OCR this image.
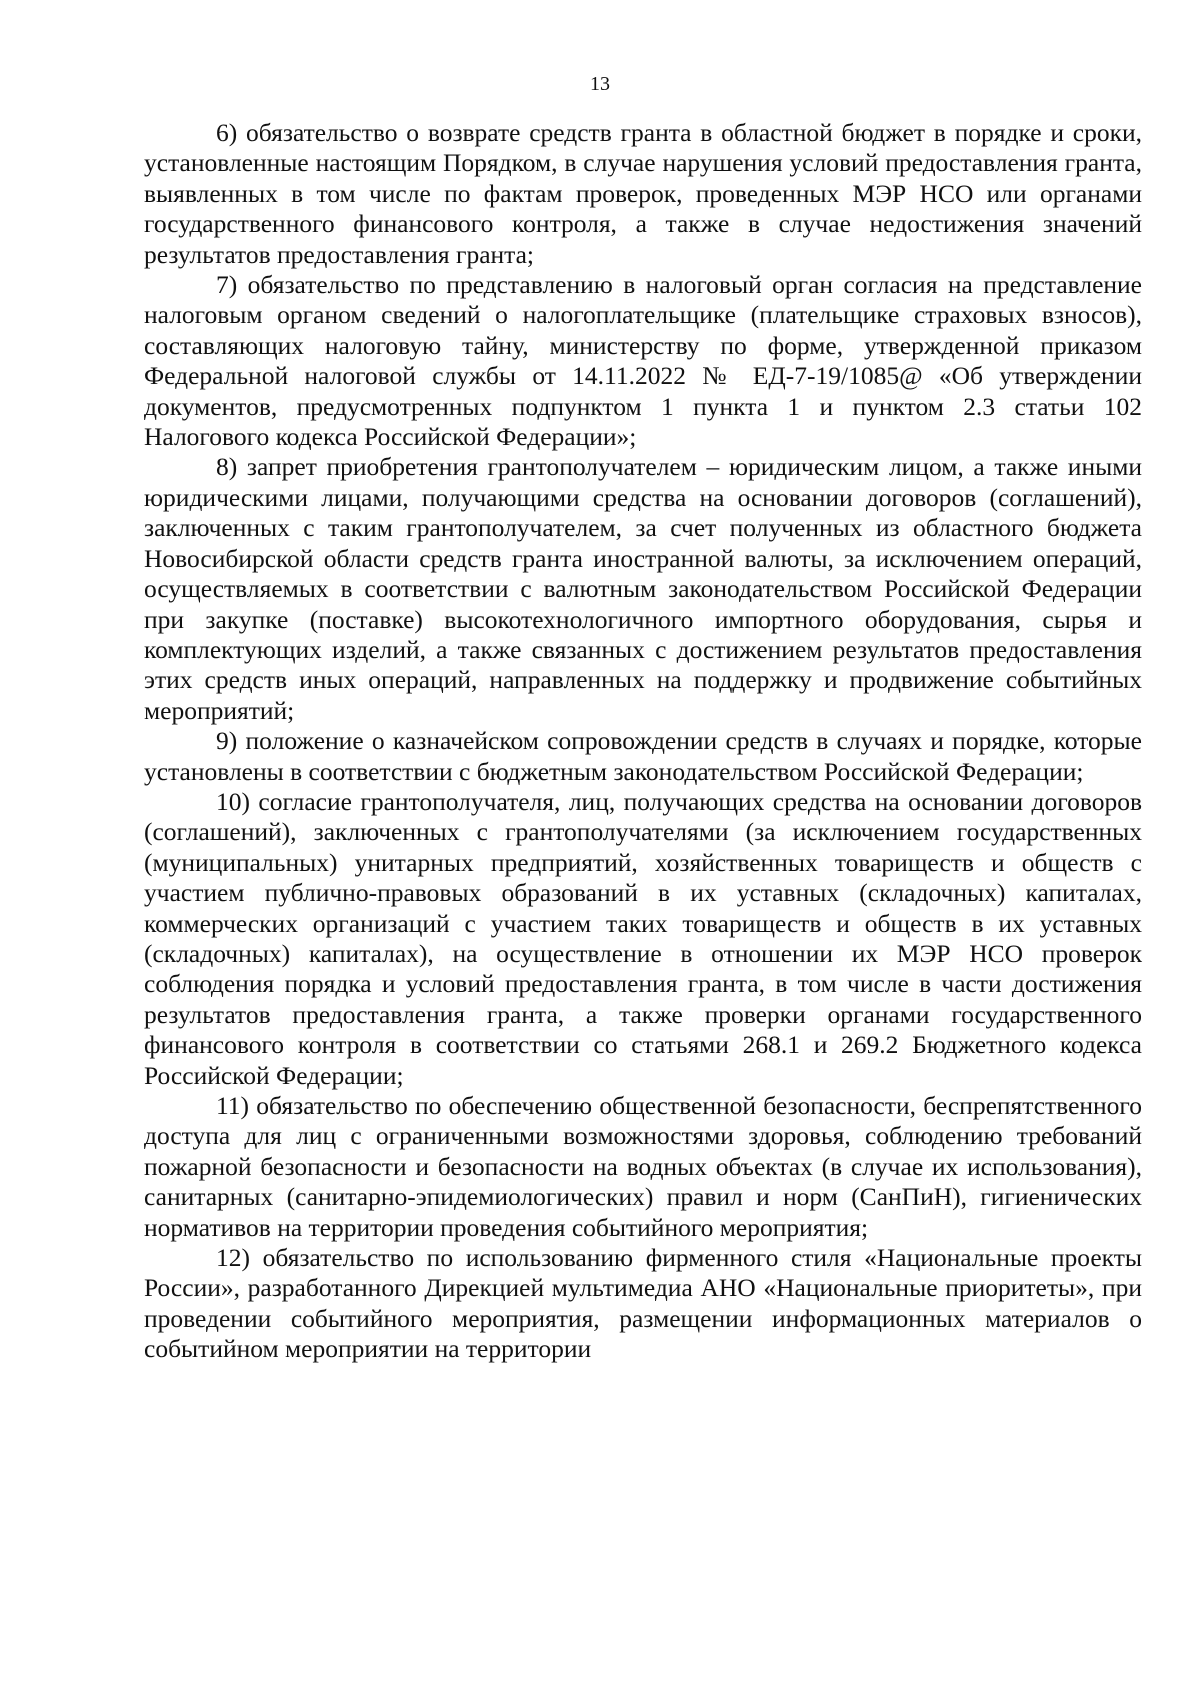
13

6) обязательство о возврате средств гранта в областной бюджет в порядке и сроки, установленные настоящим Порядком, в случае нарушения условий предоставления гранта, выявленных в том числе по фактам проверок, проведенных МЭР НСО или органами государственного финансового контроля, а также в случае недостижения значений результатов предоставления гранта;

7) обязательство по представлению в налоговый орган согласия на представление налоговым органом сведений о налогоплательщике (плательщике страховых взносов), составляющих налоговую тайну, министерству по форме, утвержденной приказом Федеральной налоговой службы от 14.11.2022 № ЕД-7-19/1085@ «Об утверждении документов, предусмотренных подпунктом 1 пункта 1 и пунктом 2.3 статьи 102 Налогового кодекса Российской Федерации»;

8) запрет приобретения грантополучателем – юридическим лицом, а также иными юридическими лицами, получающими средства на основании договоров (соглашений), заключенных с таким грантополучателем, за счет полученных из областного бюджета Новосибирской области средств гранта иностранной валюты, за исключением операций, осуществляемых в соответствии с валютным законодательством Российской Федерации при закупке (поставке) высокотехнологичного импортного оборудования, сырья и комплектующих изделий, а также связанных с достижением результатов предоставления этих средств иных операций, направленных на поддержку и продвижение событийных мероприятий;

9) положение о казначейском сопровождении средств в случаях и порядке, которые установлены в соответствии с бюджетным законодательством Российской Федерации;

10) согласие грантополучателя, лиц, получающих средства на основании договоров (соглашений), заключенных с грантополучателями (за исключением государственных (муниципальных) унитарных предприятий, хозяйственных товариществ и обществ с участием публично-правовых образований в их уставных (складочных) капиталах, коммерческих организаций с участием таких товариществ и обществ в их уставных (складочных) капиталах), на осуществление в отношении их МЭР НСО проверок соблюдения порядка и условий предоставления гранта, в том числе в части достижения результатов предоставления гранта, а также проверки органами государственного финансового контроля в соответствии со статьями 268.1 и 269.2 Бюджетного кодекса Российской Федерации;

11) обязательство по обеспечению общественной безопасности, беспрепятственного доступа для лиц с ограниченными возможностями здоровья, соблюдению требований пожарной безопасности и безопасности на водных объектах (в случае их использования), санитарных (санитарно-эпидемиологических) правил и норм (СанПиН), гигиенических нормативов на территории проведения событийного мероприятия;

12) обязательство по использованию фирменного стиля «Национальные проекты России», разработанного Дирекцией мультимедиа АНО «Национальные приоритеты», при проведении событийного мероприятия, размещении информационных материалов о событийном мероприятии на территории
